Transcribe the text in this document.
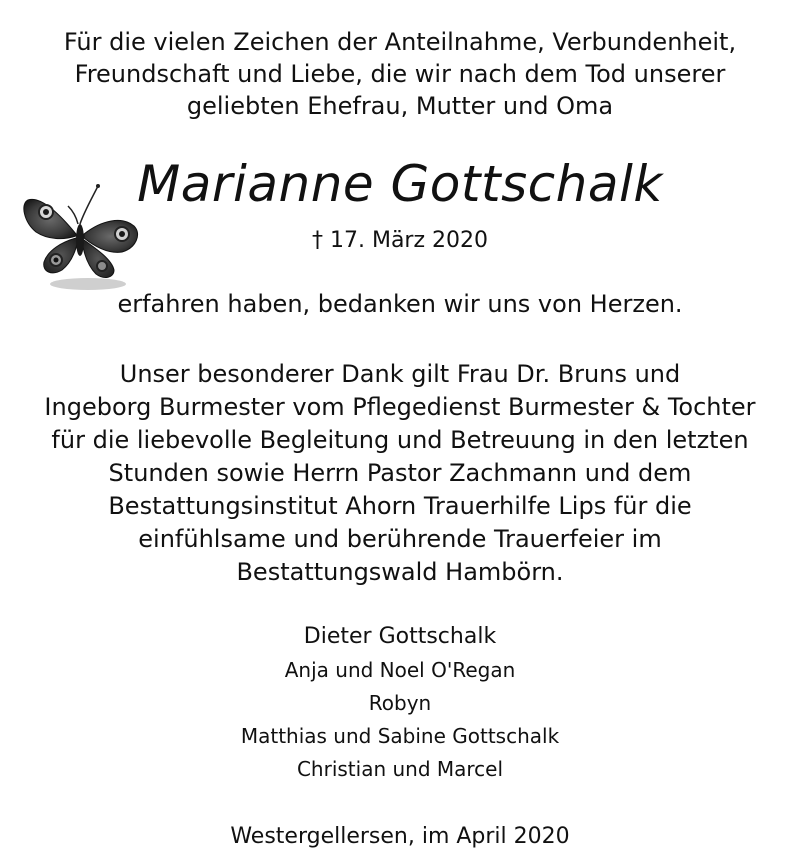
Für die vielen Zeichen der Anteilnahme, Verbundenheit,
Freundschaft und Liebe, die wir nach dem Tod unserer
geliebten Ehefrau, Mutter und Oma
Marianne Gottschalk
† 17. März 2020
erfahren haben, bedanken wir uns von Herzen.
Unser besonderer Dank gilt Frau Dr. Bruns und
Ingeborg Burmester vom Pflegedienst Burmester & Tochter
für die liebevolle Begleitung und Betreuung in den letzten
Stunden sowie Herrn Pastor Zachmann und dem
Bestattungsinstitut Ahorn Trauerhilfe Lips für die
einfühlsame und berührende Trauerfeier im
Bestattungswald Hambörn.
Dieter Gottschalk
Anja und Noel O'Regan
Robyn
Matthias und Sabine Gottschalk
Christian und Marcel
Westergellersen, im April 2020
